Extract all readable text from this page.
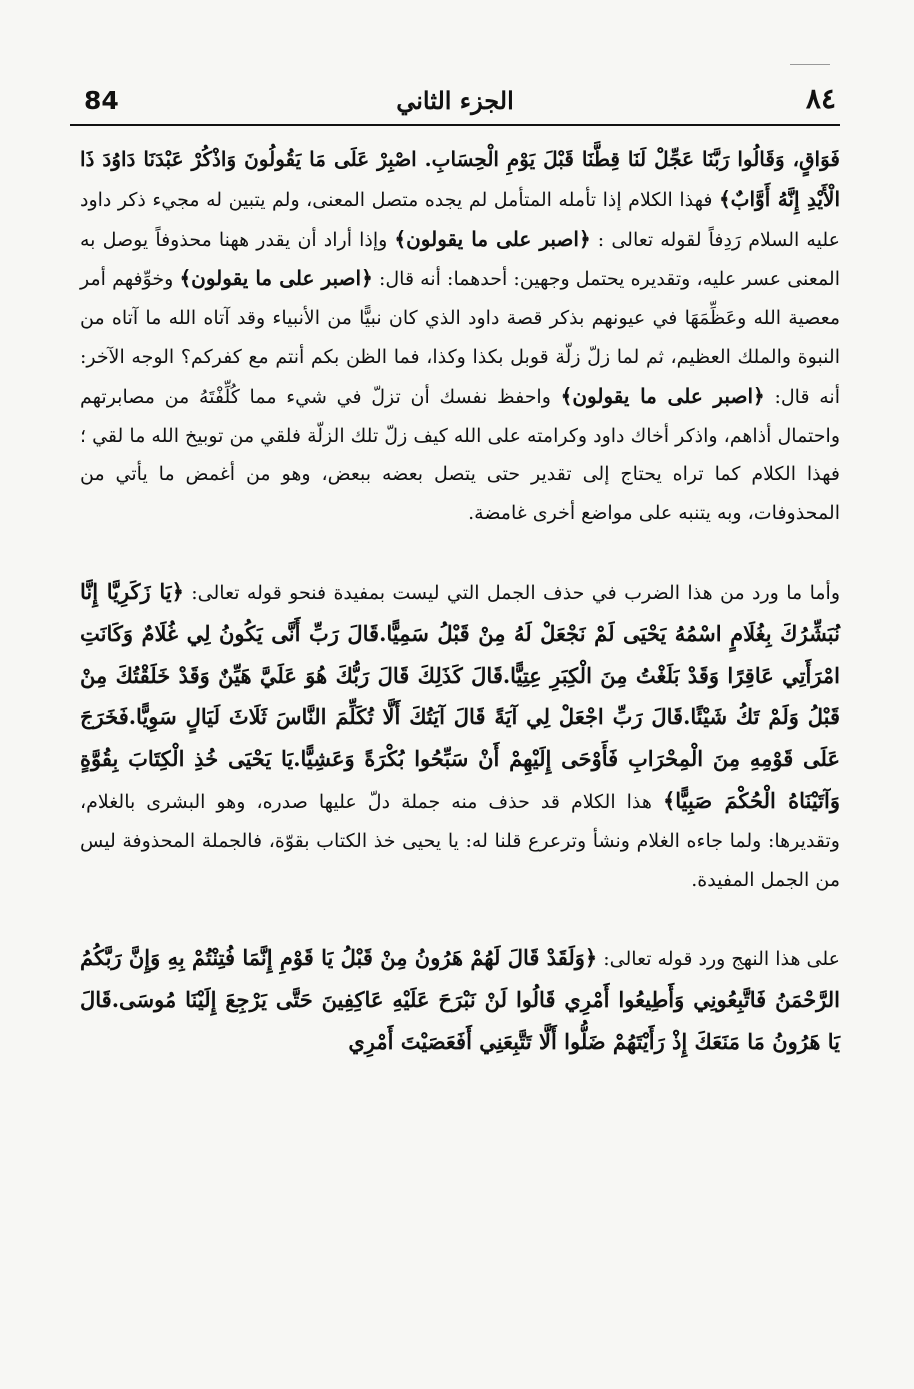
84	الجزء الثاني	٨٤

فَوَاقٍ، وَقَالُوا رَبَّنَا عَجِّلْ لَنَا قِطَّنَا قَبْلَ يَوْمِ الْحِسَابِ. اصْبِرْ عَلَى مَا يَقُولُونَ وَاذْكُرْ عَبْدَنَا دَاوُدَ ذَا الْأَيْدِ إِنَّهُ أَوَّابٌ﴾ فهذا الكلام إذا تأمله المتأمل لم يجده متصل المعنى، ولم يتبين له مجيء ذكر داود عليه السلام رَدِفاً لقوله تعالى : ﴿اصبر على ما يقولون﴾ وإذا أراد أن يقدر ههنا محذوفاً يوصل به المعنى عسر عليه، وتقديره يحتمل وجهين: أحدهما: أنه قال: ﴿اصبر على ما يقولون﴾ وخوِّفهم أمر معصية الله وعَظِّمَهَا في عيونهم بذكر قصة داود الذي كان نبيًّا من الأنبياء وقد آتاه الله ما آتاه من النبوة والملك العظيم، ثم لما زلّ زلّة قوبل بكذا وكذا، فما الظن بكم أنتم مع كفركم؟ الوجه الآخر: أنه قال: ﴿اصبر على ما يقولون﴾ واحفظ نفسك أن تزلّ في شيء مما كُلِّفْتَهُ من مصابرتهم واحتمال أذاهم، واذكر أخاك داود وكرامته على الله كيف زلّ تلك الزلّة فلقي من توبيخ الله ما لقي ؛ فهذا الكلام كما تراه يحتاج إلى تقدير حتى يتصل بعضه ببعض، وهو من أغمض ما يأتي من المحذوفات، وبه يتنبه على مواضع أخرى غامضة.

وأما ما ورد من هذا الضرب في حذف الجمل التي ليست بمفيدة فنحو قوله تعالى: ﴿يَا زَكَرِيَّا إِنَّا نُبَشِّرُكَ بِغُلَامٍ اسْمُهُ يَحْيَى لَمْ نَجْعَلْ لَهُ مِنْ قَبْلُ سَمِيًّا.قَالَ رَبِّ أَنَّى يَكُونُ لِي غُلَامٌ وَكَانَتِ امْرَأَتِي عَاقِرًا وَقَدْ بَلَغْتُ مِنَ الْكِبَرِ عِتِيًّا.قَالَ كَذَلِكَ قَالَ رَبُّكَ هُوَ عَلَيَّ هَيِّنٌ وَقَدْ خَلَقْتُكَ مِنْ قَبْلُ وَلَمْ تَكُ شَيْئًا.قَالَ رَبِّ اجْعَلْ لِي آيَةً قَالَ آيَتُكَ أَلَّا تُكَلِّمَ النَّاسَ ثَلَاثَ لَيَالٍ سَوِيًّا.فَخَرَجَ عَلَى قَوْمِهِ مِنَ الْمِحْرَابِ فَأَوْحَى إِلَيْهِمْ أَنْ سَبِّحُوا بُكْرَةً وَعَشِيًّا.يَا يَحْيَى خُذِ الْكِتَابَ بِقُوَّةٍ وَآتَيْنَاهُ الْحُكْمَ صَبِيًّا﴾ هذا الكلام قد حذف منه جملة دلّ عليها صدره، وهو البشرى بالغلام، وتقديرها: ولما جاءه الغلام ونشأ وترعرع قلنا له: يا يحيى خذ الكتاب بقوّة، فالجملة المحذوفة ليس من الجمل المفيدة.

على هذا النهج ورد قوله تعالى: ﴿وَلَقَدْ قَالَ لَهُمْ هَرُونُ مِنْ قَبْلُ يَا قَوْمِ إِنَّمَا فُتِنْتُمْ بِهِ وَإِنَّ رَبَّكُمُ الرَّحْمَنُ فَاتَّبِعُونِي وَأَطِيعُوا أَمْرِي قَالُوا لَنْ نَبْرَحَ عَلَيْهِ عَاكِفِينَ حَتَّى يَرْجِعَ إِلَيْنَا مُوسَى.قَالَ يَا هَرُونُ مَا مَنَعَكَ إِذْ رَأَيْتَهُمْ ضَلُّوا أَلَّا تَتَّبِعَنِي أَفَعَصَيْتَ أَمْرِي
